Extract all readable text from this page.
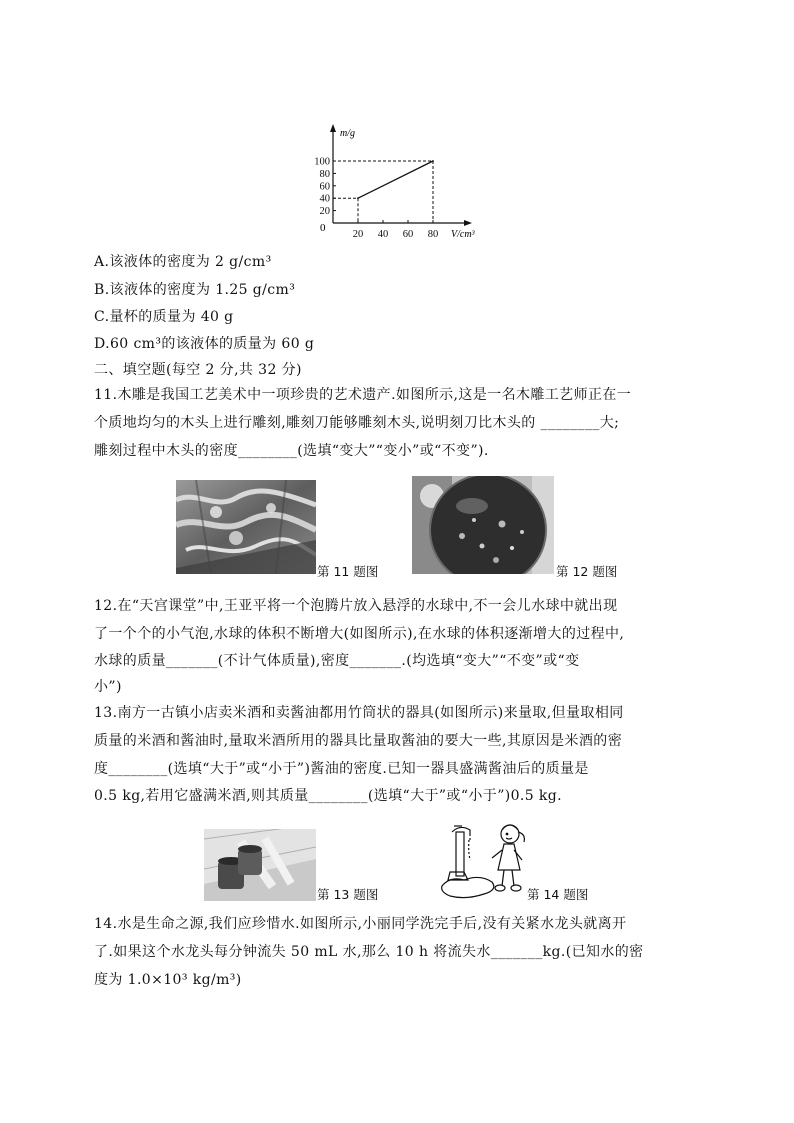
100
80
60
40
20
20 40 60 80
m/g
V/cm³
0
A.该液体的密度为 2 g/cm³
B.该液体的密度为 1.25 g/cm³
C.量杯的质量为 40 g
D.60 cm³的该液体的质量为 60 g
二、填空题(每空 2 分,共 32 分)
11.木雕是我国工艺美术中一项珍贵的艺术遗产.如图所示,这是一名木雕工艺师正在一
个质地均匀的木头上进行雕刻,雕刻刀能够雕刻木头,说明刻刀比木头的 ________大;
雕刻过程中木头的密度________(选填“变大”“变小”或“不变”).
第 11 题图	第 12 题图
12.在“天宫课堂”中,王亚平将一个泡腾片放入悬浮的水球中,不一会儿水球中就出现
了一个个的小气泡,水球的体积不断增大(如图所示),在水球的体积逐渐增大的过程中,
水球的质量_______(不计气体质量),密度_______.(均选填“变大”“不变”或“变
小”)
13.南方一古镇小店卖米酒和卖酱油都用竹筒状的器具(如图所示)来量取,但量取相同
质量的米酒和酱油时,量取米酒所用的器具比量取酱油的要大一些,其原因是米酒的密
度________(选填“大于”或“小于”)酱油的密度.已知一器具盛满酱油后的质量是
0.5 kg,若用它盛满米酒,则其质量________(选填“大于”或“小于”)0.5 kg.
第 13 题图	第 14 题图
14.水是生命之源,我们应珍惜水.如图所示,小丽同学洗完手后,没有关紧水龙头就离开
了.如果这个水龙头每分钟流失 50 mL 水,那么 10 h 将流失水_______kg.(已知水的密
度为 1.0×10³ kg/m³)
